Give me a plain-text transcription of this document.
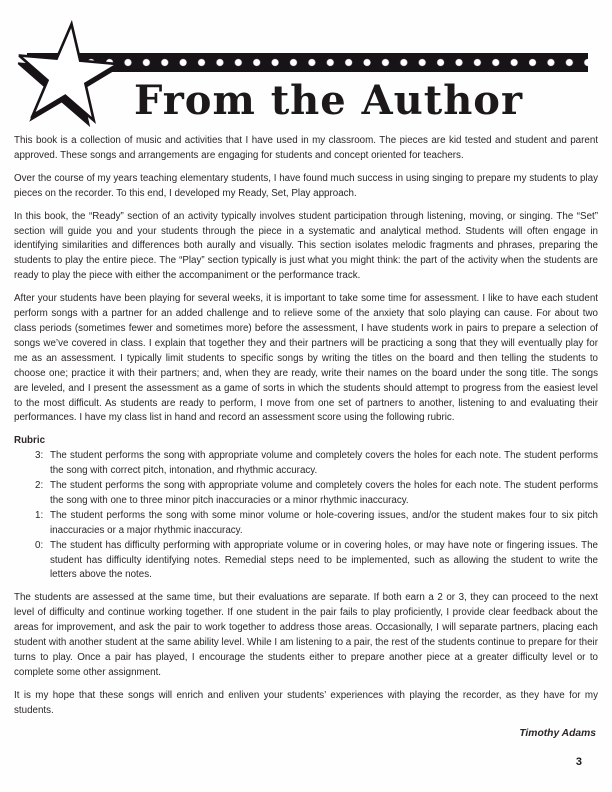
From the Author

This book is a collection of music and activities that I have used in my classroom. The pieces are kid tested and student and parent approved. These songs and arrangements are engaging for students and concept oriented for teachers.

Over the course of my years teaching elementary students, I have found much success in using singing to prepare my students to play pieces on the recorder. To this end, I developed my Ready, Set, Play approach.

In this book, the “Ready” section of an activity typically involves student participation through listening, moving, or singing. The “Set” section will guide you and your students through the piece in a systematic and analytical method. Students will often engage in identifying similarities and differences both aurally and visually. This section isolates melodic fragments and phrases, preparing the students to play the entire piece. The “Play” section typically is just what you might think: the part of the activity when the students are ready to play the piece with either the accompaniment or the performance track.

After your students have been playing for several weeks, it is important to take some time for assessment. I like to have each student perform songs with a partner for an added challenge and to relieve some of the anxiety that solo playing can cause. For about two class periods (sometimes fewer and sometimes more) before the assessment, I have students work in pairs to prepare a selection of songs we’ve covered in class. I explain that together they and their partners will be practicing a song that they will eventually play for me as an assessment. I typically limit students to specific songs by writing the titles on the board and then telling the students to choose one; practice it with their partners; and, when they are ready, write their names on the board under the song title. The songs are leveled, and I present the assessment as a game of sorts in which the students should attempt to progress from the easiest level to the most difficult. As students are ready to perform, I move from one set of partners to another, listening to and evaluating their performances. I have my class list in hand and record an assessment score using the following rubric.

Rubric
3: The student performs the song with appropriate volume and completely covers the holes for each note. The student performs the song with correct pitch, intonation, and rhythmic accuracy.
2: The student performs the song with appropriate volume and completely covers the holes for each note. The student performs the song with one to three minor pitch inaccuracies or a minor rhythmic inaccuracy.
1: The student performs the song with some minor volume or hole-covering issues, and/or the student makes four to six pitch inaccuracies or a major rhythmic inaccuracy.
0: The student has difficulty performing with appropriate volume or in covering holes, or may have note or fingering issues. The student has difficulty identifying notes. Remedial steps need to be implemented, such as allowing the student to write the letters above the notes.

The students are assessed at the same time, but their evaluations are separate. If both earn a 2 or 3, they can proceed to the next level of difficulty and continue working together. If one student in the pair fails to play proficiently, I provide clear feedback about the areas for improvement, and ask the pair to work together to address those areas. Occasionally, I will separate partners, placing each student with another student at the same ability level. While I am listening to a pair, the rest of the students continue to prepare for their turns to play. Once a pair has played, I encourage the students either to prepare another piece at a greater difficulty level or to complete some other assignment.

It is my hope that these songs will enrich and enliven your students’ experiences with playing the recorder, as they have for my students.

Timothy Adams
3
